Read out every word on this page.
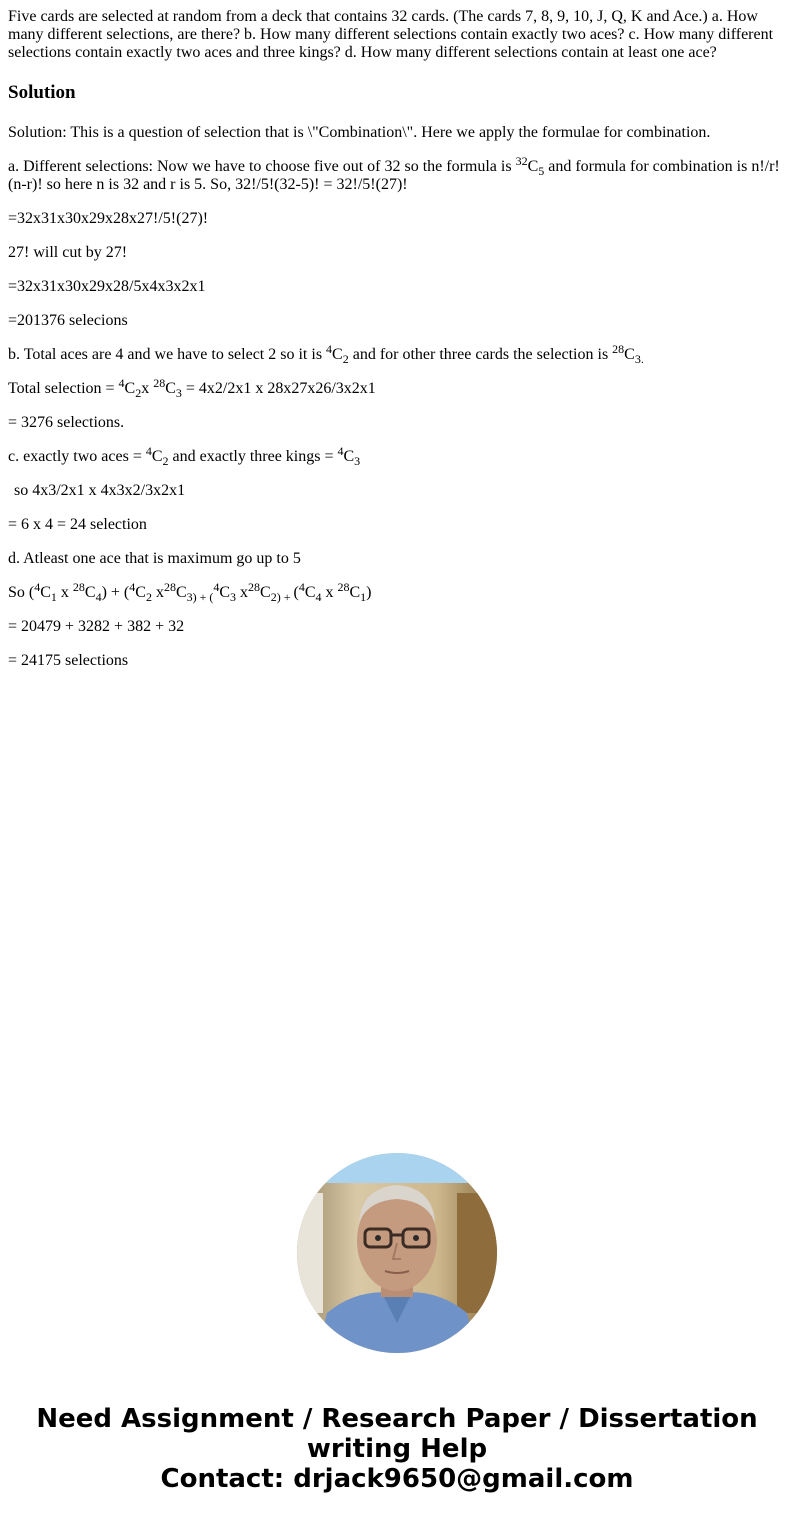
Five cards are selected at random from a deck that contains 32 cards. (The cards 7, 8, 9, 10, J, Q, K and Ace.) a. How many different selections, are there? b. How many different selections contain exactly two aces? c. How many different selections contain exactly two aces and three kings? d. How many different selections contain at least one ace?

Solution

Solution: This is a question of selection that is \"Combination\". Here we apply the formulae for combination.

a. Different selections: Now we have to choose five out of 32 so the formula is $^{32}C_5$ and formula for combination is n!/r!(n-r)! so here n is 32 and r is 5. So, 32!/5!(32-5)! = 32!/5!(27)!

=32x31x30x29x28x27!/5!(27)!

27! will cut by 27!

=32x31x30x29x28/5x4x3x2x1

=201376 selecions

b. Total aces are 4 and we have to select 2 so it is $^4C_2$ and for other three cards the selection is $^{28}C_{3.}$

Total selection = $^4C_2x$ $^{28}C_3 = 4x2/2x1$ x 28x27x26/3x2x1

= 3276 selections.

c. exactly two aces = $^4C_2$ and exactly three kings = $^4C_3$

so 4x3/2x1 x 4x3x2/3x2x1

= 6 x 4 = 24 selection

d. Atleast one ace that is maximum go up to 5

So ($^4C_1$ x $^{28}C_4) + (^4C_2$ $x^{28}C_{3) + (}^4C_3$ $x^{28}C_{2) +}$ ($^4C_4$ x $^{28}C_1$)

= 20479 + 3282 + 382 + 32

= 24175 selections

Need Assignment / Research Paper / Dissertation
writing Help
Contact: drjack9650@gmail.com
